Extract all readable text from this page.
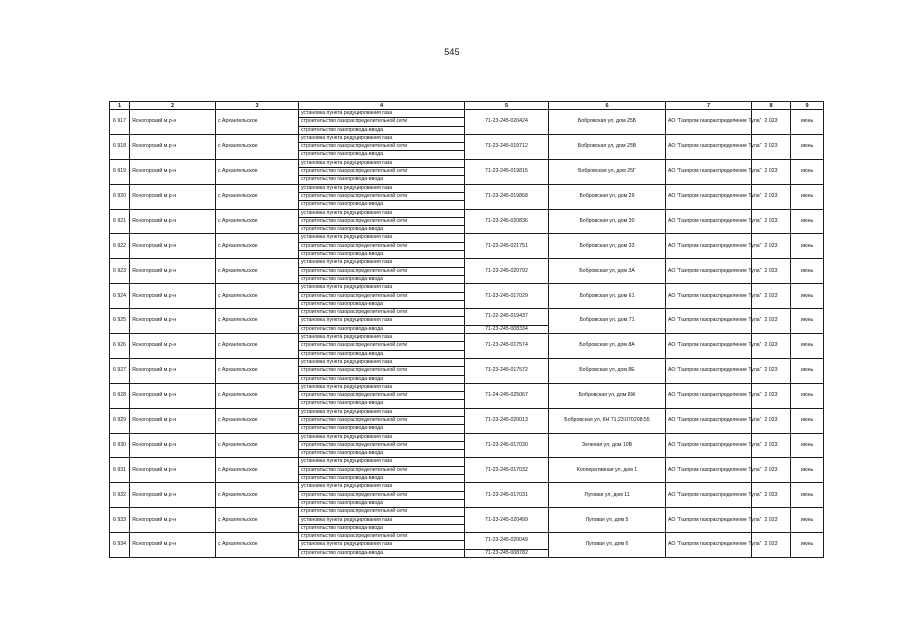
545
1	2	3	4	5	6	7	8	9
6 917	Ясногорский м.р-н	с Архангельское	установка пункта редуцирования газа	71-23-245-020424	Бобровская ул, дом 25Б	АО "Газпром газораспределение Тула"	2 023	июнь
			строительство газораспределительной сети					
			строительство газопровода-ввода					
6 918	Ясногорский м.р-н	с Архангельское	установка пункта редуцирования газа	71-23-245-019712	Бобровская ул, дом 25В	АО "Газпром газораспределение Тула"	2 023	июнь
			строительство газораспределительной сети					
			строительство газопровода-ввода					
6 919	Ясногорский м.р-н	с Архангельское	установка пункта редуцирования газа	71-23-245-019815	Бобровская ул, дом 25Г	АО "Газпром газораспределение Тула"	2 023	июнь
			строительство газораспределительной сети					
			строительство газопровода-ввода					
6 920	Ясногорский м.р-н	с Архангельское	установка пункта редуцирования газа	71-23-245-019868	Бобровская ул, дом 29	АО "Газпром газораспределение Тула"	2 023	июнь
			строительство газораспределительной сети					
			строительство газопровода-ввода					
6 921	Ясногорский м.р-н	с Архангельское	установка пункта редуцирования газа	71-23-245-020836	Бобровская ул, дом 30	АО "Газпром газораспределение Тула"	2 023	июнь
			строительство газораспределительной сети					
			строительство газопровода-ввода					
6 922	Ясногорский м.р-н	с Архангельское	установка пункта редуцирования газа	71-23-245-021751	Бобровская ул, дом 33	АО "Газпром газораспределение Тула"	2 023	июнь
			строительство газораспределительной сети					
			строительство газопровода-ввода					
6 923	Ясногорский м.р-н	с Архангельское	установка пункта редуцирования газа	71-23-245-020792	Бобровская ул, дом 3А	АО "Газпром газораспределение Тула"	2 023	июнь
			строительство газораспределительной сети					
			строительство газопровода-ввода					
6 924	Ясногорский м.р-н	с Архангельское	установка пункта редуцирования газа	71-23-245-017029	Бобровская ул, дом 61	АО "Газпром газораспределение Тула"	2 023	июнь
			строительство газораспределительной сети					
			строительство газопровода-ввода					
6 925	Ясногорский м.р-н	с Архангельское	строительство газораспределительной сети	71-22-245-019437	Бобровская ул, дом 71	АО "Газпром газораспределение Тула"	2 023	июнь
			установка пункта редуцирования газа					
			строительство газопровода-ввода	71-23-245-008334				
6 926	Ясногорский м.р-н	с Архангельское	установка пункта редуцирования газа	71-23-245-017574	Бобровская ул, дом 8А	АО "Газпром газораспределение Тула"	2 023	июнь
			строительство газораспределительной сети					
			строительство газопровода-ввода					
6 927	Ясногорский м.р-н	с Архангельское	установка пункта редуцирования газа	71-23-245-017572	Бобровская ул, дом 8Е	АО "Газпром газораспределение Тула"	2 023	июнь
			строительство газораспределительной сети					
			строительство газопровода-ввода					
6 928	Ясногорский м.р-н	с Архангельское	установка пункта редуцирования газа	71-24-245-025067	Бобровская ул, дом 8Ж	АО "Газпром газораспределение Тула"	2 023	июнь
			строительство газораспределительной сети					
			строительство газопровода-ввода					
6 929	Ясногорский м.р-н	с Архангельское	установка пункта редуцирования газа	71-23-245-020013	Бобровская ул, КН 71:23:070208:55	АО "Газпром газораспределение Тула"	2 023	июнь
			строительство газораспределительной сети					
			строительство газопровода-ввода					
6 930	Ясногорский м.р-н	с Архангельское	установка пункта редуцирования газа	71-23-245-017030	Зеленая ул, дом 10В	АО "Газпром газораспределение Тула"	2 023	июнь
			строительство газораспределительной сети					
			строительство газопровода-ввода					
6 931	Ясногорский м.р-н	с Архангельское	установка пункта редуцирования газа	71-23-245-017032	Кооперативная ул, дом 1	АО "Газпром газораспределение Тула"	2 023	июнь
			строительство газораспределительной сети					
			строительство газопровода-ввода					
6 932	Ясногорский м.р-н	с Архангельское	установка пункта редуцирования газа	71-23-245-017031	Луговая ул, дом 11	АО "Газпром газораспределение Тула"	2 023	июнь
			строительство газораспределительной сети					
			строительство газопровода-ввода					
6 933	Ясногорский м.р-н	с Архангельское	строительство газораспределительной сети	71-23-245-020499	Луговая ул, дом 5	АО "Газпром газораспределение Тула"	2 023	июнь
			установка пункта редуцирования газа					
			строительство газопровода-ввода					
6 934	Ясногорский м.р-н	с Архангельское	строительство газораспределительной сети	71-23-245-020049	Луговая ул, дом 6	АО "Газпром газораспределение Тула"	2 023	июнь
			установка пункта редуцирования газа					
			строительство газопровода-ввода	71-23-245-008782				
